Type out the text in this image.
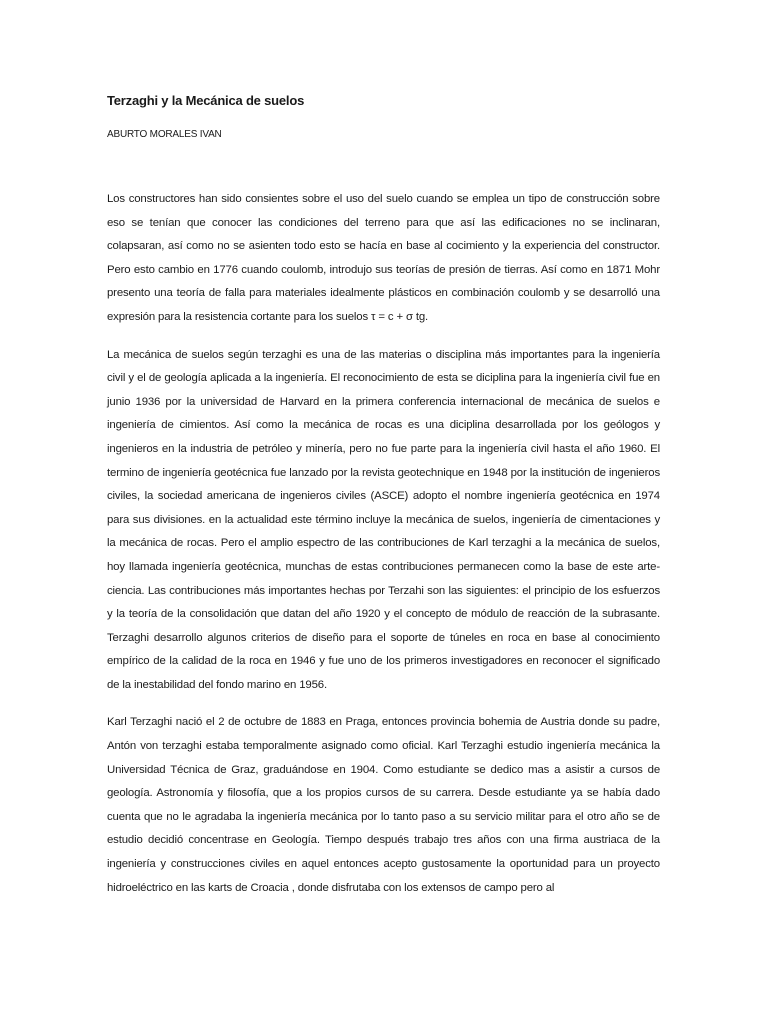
Terzaghi y la Mecánica de suelos

ABURTO MORALES IVAN

Los constructores han sido consientes sobre el uso del suelo cuando se emplea un tipo de construcción sobre eso se tenían que conocer las condiciones del terreno para que así las edificaciones no se inclinaran, colapsaran, así como no se asienten todo esto se hacía en base al cocimiento y la experiencia del constructor. Pero esto cambio en 1776 cuando coulomb, introdujo sus teorías de presión de tierras. Así como en 1871 Mohr presento una teoría de falla para materiales idealmente plásticos en combinación coulomb y se desarrolló una expresión para la resistencia cortante para los suelos τ = c + σ tg.

La mecánica de suelos según terzaghi es una de las materias o disciplina más importantes para la ingeniería civil y el de geología aplicada a la ingeniería. El reconocimiento de esta se diciplina para la ingeniería civil fue en junio 1936 por la universidad de Harvard en la primera conferencia internacional de mecánica de suelos e ingeniería de cimientos. Así como la mecánica de rocas es una diciplina desarrollada por los geólogos y ingenieros en la industria de petróleo y minería, pero no fue parte para la ingeniería civil hasta el año 1960. El termino de ingeniería geotécnica fue lanzado por la revista geotechnique en 1948 por la institución de ingenieros civiles, la sociedad americana de ingenieros civiles (ASCE) adopto el nombre ingeniería geotécnica en 1974 para sus divisiones. en la actualidad este término incluye la mecánica de suelos, ingeniería de cimentaciones y la mecánica de rocas. Pero el amplio espectro de las contribuciones de Karl terzaghi a la mecánica de suelos, hoy llamada ingeniería geotécnica, munchas de estas contribuciones permanecen como la base de este arte-ciencia. Las contribuciones más importantes hechas por Terzahi son las siguientes: el principio de los esfuerzos y la teoría de la consolidación que datan del año 1920 y el concepto de módulo de reacción de la subrasante. Terzaghi desarrollo algunos criterios de diseño para el soporte de túneles en roca en base al conocimiento empírico de la calidad de la roca en 1946 y fue uno de los primeros investigadores en reconocer el significado de la inestabilidad del fondo marino en 1956.

Karl Terzaghi nació el 2 de octubre de 1883 en Praga, entonces provincia bohemia de Austria donde su padre, Antón von terzaghi estaba temporalmente asignado como oficial. Karl Terzaghi estudio ingeniería mecánica la Universidad Técnica de Graz, graduándose en 1904. Como estudiante se dedico mas a asistir a cursos de geología. Astronomía y filosofía, que a los propios cursos de su carrera. Desde estudiante ya se había dado cuenta que no le agradaba la ingeniería mecánica por lo tanto paso a su servicio militar para el otro año se de estudio decidió concentrase en Geología. Tiempo después trabajo tres años con una firma austriaca de la ingeniería y construcciones civiles en aquel entonces acepto gustosamente la oportunidad para un proyecto hidroeléctrico en las karts de Croacia , donde disfrutaba con los extensos de campo pero al
